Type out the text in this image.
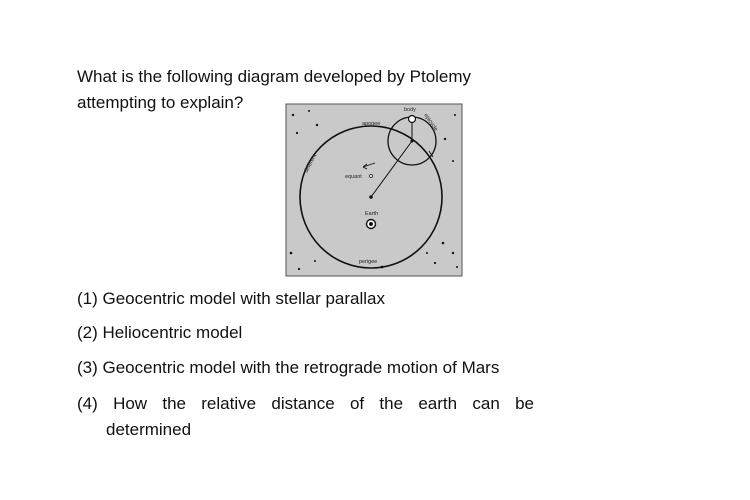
What is the following diagram developed by Ptolemy
attempting to explain?
apogee
body
epicycle
deferent
equant
Earth
perigee
(1) Geocentric model with stellar parallax
(2) Heliocentric model
(3) Geocentric model with the retrograde motion of Mars
(4) How the relative distance of the earth can be
determined
